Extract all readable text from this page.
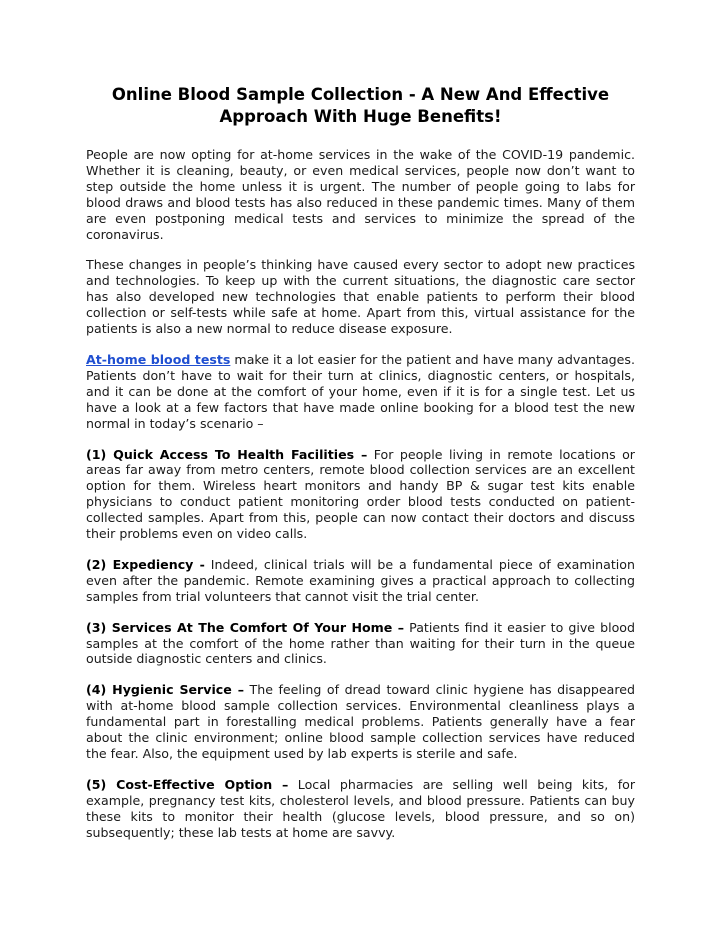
Online Blood Sample Collection - A New And Effective Approach With Huge Benefits!

People are now opting for at-home services in the wake of the COVID-19 pandemic. Whether it is cleaning, beauty, or even medical services, people now don’t want to step outside the home unless it is urgent. The number of people going to labs for blood draws and blood tests has also reduced in these pandemic times. Many of them are even postponing medical tests and services to minimize the spread of the coronavirus.

These changes in people’s thinking have caused every sector to adopt new practices and technologies. To keep up with the current situations, the diagnostic care sector has also developed new technologies that enable patients to perform their blood collection or self-tests while safe at home. Apart from this, virtual assistance for the patients is also a new normal to reduce disease exposure.

At-home blood tests make it a lot easier for the patient and have many advantages. Patients don’t have to wait for their turn at clinics, diagnostic centers, or hospitals, and it can be done at the comfort of your home, even if it is for a single test. Let us have a look at a few factors that have made online booking for a blood test the new normal in today’s scenario –

(1) Quick Access To Health Facilities – For people living in remote locations or areas far away from metro centers, remote blood collection services are an excellent option for them. Wireless heart monitors and handy BP & sugar test kits enable physicians to conduct patient monitoring order blood tests conducted on patient-collected samples. Apart from this, people can now contact their doctors and discuss their problems even on video calls.

(2) Expediency - Indeed, clinical trials will be a fundamental piece of examination even after the pandemic. Remote examining gives a practical approach to collecting samples from trial volunteers that cannot visit the trial center.

(3) Services At The Comfort Of Your Home – Patients find it easier to give blood samples at the comfort of the home rather than waiting for their turn in the queue outside diagnostic centers and clinics.

(4) Hygienic Service – The feeling of dread toward clinic hygiene has disappeared with at-home blood sample collection services. Environmental cleanliness plays a fundamental part in forestalling medical problems. Patients generally have a fear about the clinic environment; online blood sample collection services have reduced the fear. Also, the equipment used by lab experts is sterile and safe.

(5) Cost-Effective Option – Local pharmacies are selling well being kits, for example, pregnancy test kits, cholesterol levels, and blood pressure. Patients can buy these kits to monitor their health (glucose levels, blood pressure, and so on) subsequently; these lab tests at home are savvy.
